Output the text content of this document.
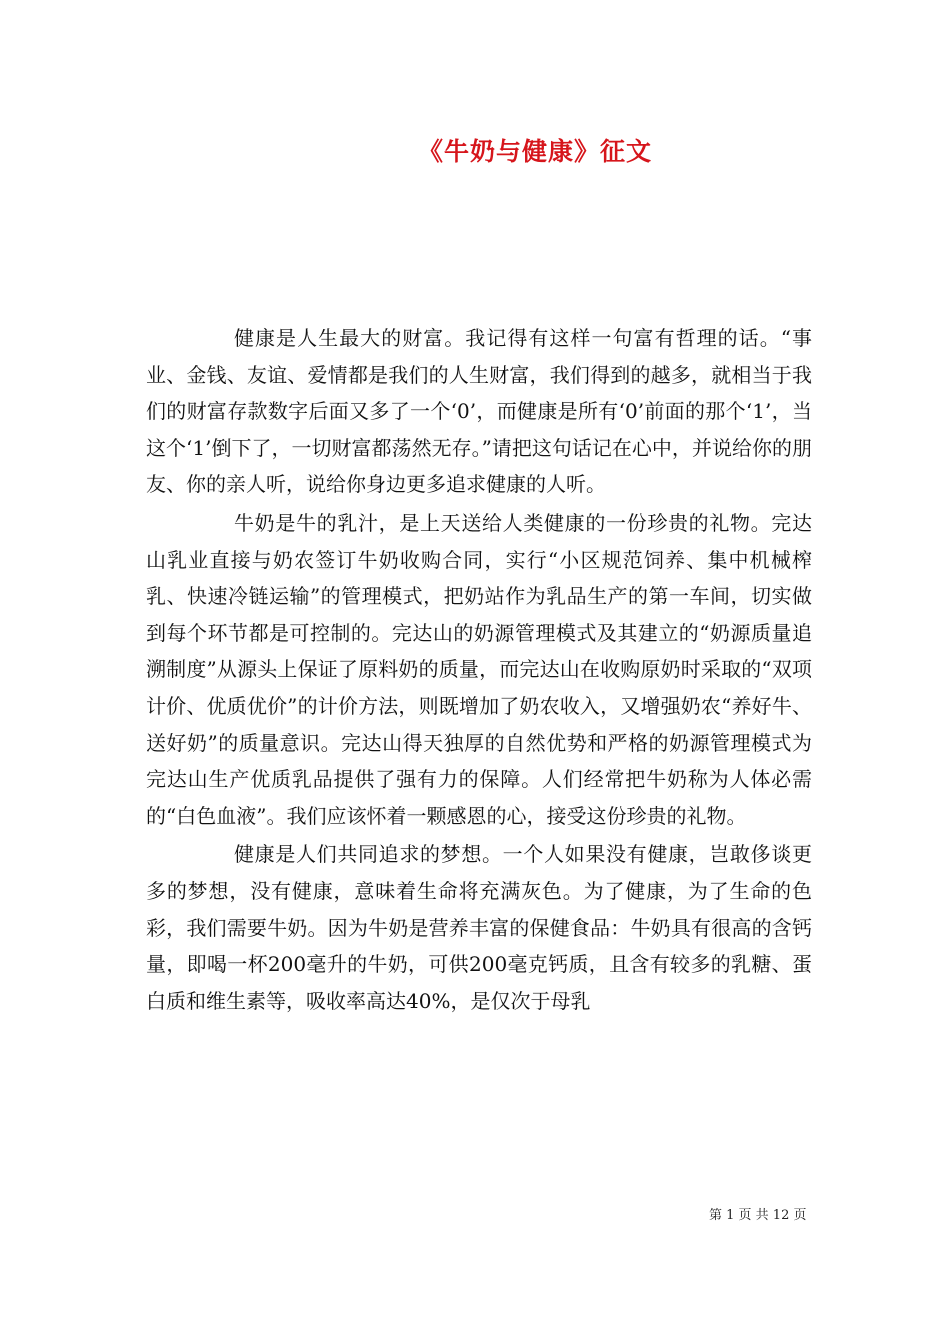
《牛奶与健康》征文

健康是人生最大的财富。我记得有这样一句富有哲理的话。“事业、金钱、友谊、爱情都是我们的人生财富，我们得到的越多，就相当于我们的财富存款数字后面又多了一个‘0’，而健康是所有‘0’前面的那个‘1’，当这个‘1’倒下了，一切财富都荡然无存。”请把这句话记在心中，并说给你的朋友、你的亲人听，说给你身边更多追求健康的人听。

牛奶是牛的乳汁，是上天送给人类健康的一份珍贵的礼物。完达山乳业直接与奶农签订牛奶收购合同，实行“小区规范饲养、集中机械榨乳、快速冷链运输”的管理模式，把奶站作为乳品生产的第一车间，切实做到每个环节都是可控制的。完达山的奶源管理模式及其建立的“奶源质量追溯制度”从源头上保证了原料奶的质量，而完达山在收购原奶时采取的“双项计价、优质优价”的计价方法，则既增加了奶农收入，又增强奶农“养好牛、送好奶”的质量意识。完达山得天独厚的自然优势和严格的奶源管理模式为完达山生产优质乳品提供了强有力的保障。人们经常把牛奶称为人体必需的“白色血液”。我们应该怀着一颗感恩的心，接受这份珍贵的礼物。

健康是人们共同追求的梦想。一个人如果没有健康，岂敢侈谈更多的梦想，没有健康，意味着生命将充满灰色。为了健康，为了生命的色彩，我们需要牛奶。因为牛奶是营养丰富的保健食品：牛奶具有很高的含钙量，即喝一杯200毫升的牛奶，可供200毫克钙质，且含有较多的乳糖、蛋白质和维生素等，吸收率高达40%，是仅次于母乳

第 1 页 共 12 页
